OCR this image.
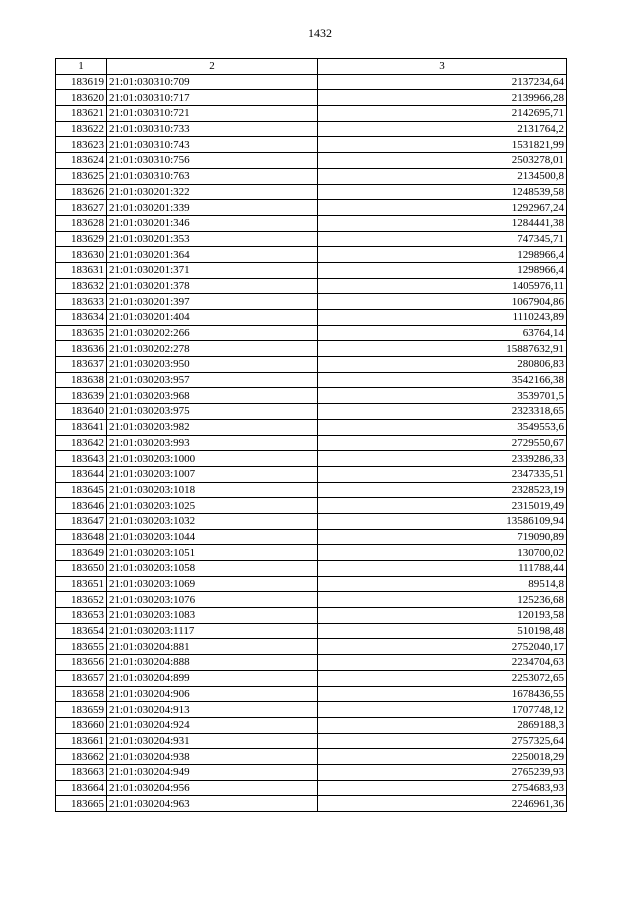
1432
1	2	3
183619	21:01:030310:709	2137234,64
183620	21:01:030310:717	2139966,28
183621	21:01:030310:721	2142695,71
183622	21:01:030310:733	2131764,2
183623	21:01:030310:743	1531821,99
183624	21:01:030310:756	2503278,01
183625	21:01:030310:763	2134500,8
183626	21:01:030201:322	1248539,58
183627	21:01:030201:339	1292967,24
183628	21:01:030201:346	1284441,38
183629	21:01:030201:353	747345,71
183630	21:01:030201:364	1298966,4
183631	21:01:030201:371	1298966,4
183632	21:01:030201:378	1405976,11
183633	21:01:030201:397	1067904,86
183634	21:01:030201:404	1110243,89
183635	21:01:030202:266	63764,14
183636	21:01:030202:278	15887632,91
183637	21:01:030203:950	280806,83
183638	21:01:030203:957	3542166,38
183639	21:01:030203:968	3539701,5
183640	21:01:030203:975	2323318,65
183641	21:01:030203:982	3549553,6
183642	21:01:030203:993	2729550,67
183643	21:01:030203:1000	2339286,33
183644	21:01:030203:1007	2347335,51
183645	21:01:030203:1018	2328523,19
183646	21:01:030203:1025	2315019,49
183647	21:01:030203:1032	13586109,94
183648	21:01:030203:1044	719090,89
183649	21:01:030203:1051	130700,02
183650	21:01:030203:1058	111788,44
183651	21:01:030203:1069	89514,8
183652	21:01:030203:1076	125236,68
183653	21:01:030203:1083	120193,58
183654	21:01:030203:1117	510198,48
183655	21:01:030204:881	2752040,17
183656	21:01:030204:888	2234704,63
183657	21:01:030204:899	2253072,65
183658	21:01:030204:906	1678436,55
183659	21:01:030204:913	1707748,12
183660	21:01:030204:924	2869188,3
183661	21:01:030204:931	2757325,64
183662	21:01:030204:938	2250018,29
183663	21:01:030204:949	2765239,93
183664	21:01:030204:956	2754683,93
183665	21:01:030204:963	2246961,36
